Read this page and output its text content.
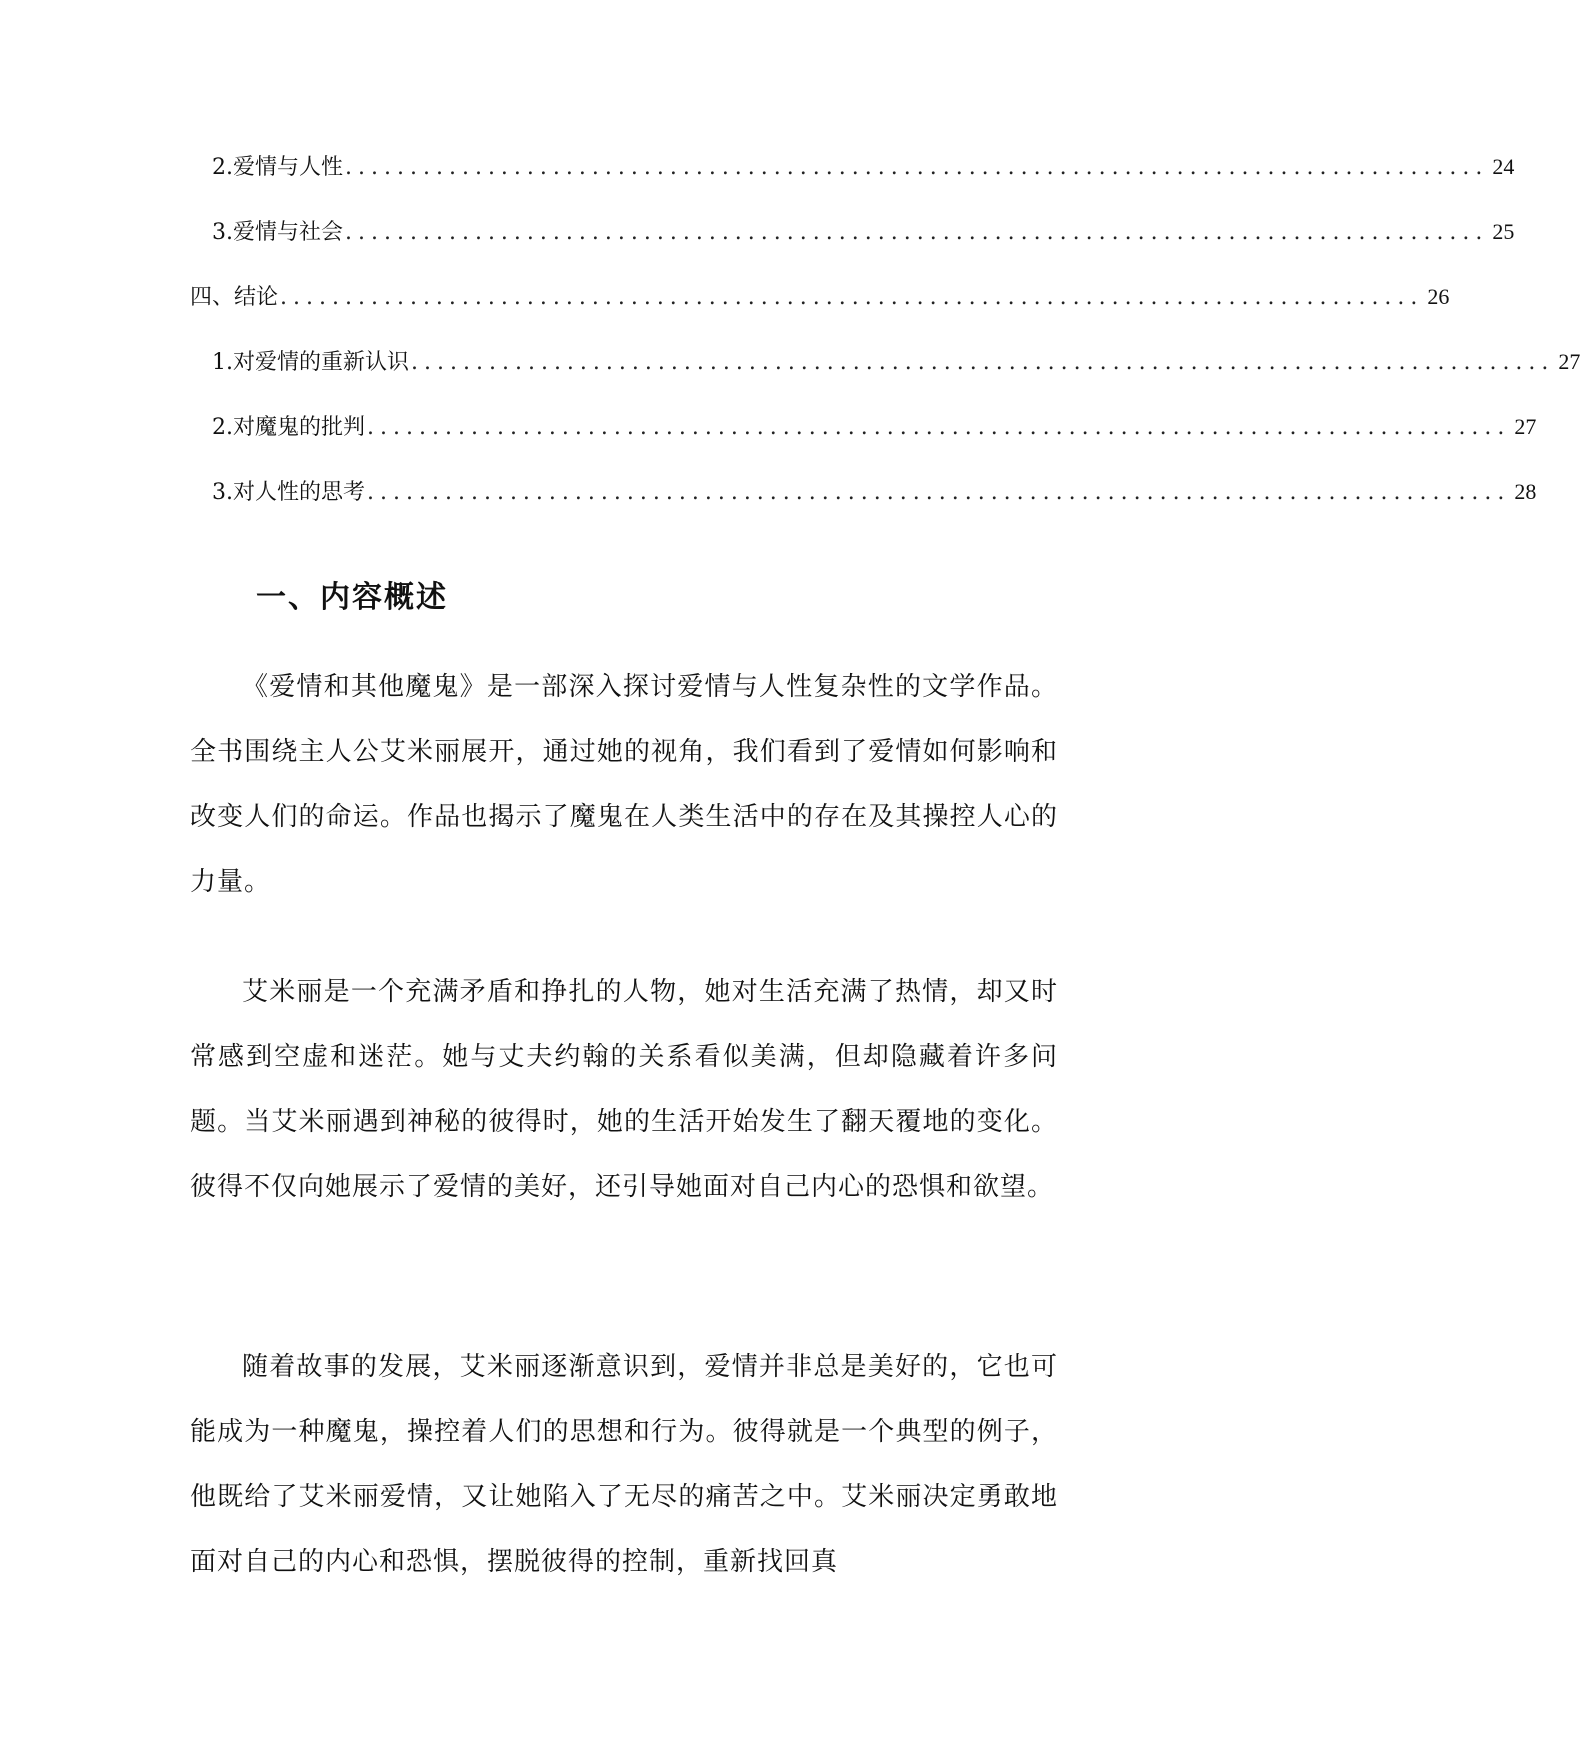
2. 爱情与人性 ........................................................................................ 24
3. 爱情与社会 ........................................................................................ 25
四、结论 ........................................................................................ 26
1. 对爱情的重新认识 ........................................................................................ 27
2. 对魔鬼的批判 ........................................................................................ 27
3. 对人性的思考 ........................................................................................ 28
一、内容概述

《爱情和其他魔鬼》是一部深入探讨爱情与人性复杂性的文学作品。全书围绕主人公艾米丽展开，通过她的视角，我们看到了爱情如何影响和改变人们的命运。作品也揭示了魔鬼在人类生活中的存在及其操控人心的力量。

艾米丽是一个充满矛盾和挣扎的人物，她对生活充满了热情，却又时常感到空虚和迷茫。她与丈夫约翰的关系看似美满，但却隐藏着许多问题。当艾米丽遇到神秘的彼得时，她的生活开始发生了翻天覆地的变化。彼得不仅向她展示了爱情的美好，还引导她面对自己内心的恐惧和欲望。

随着故事的发展，艾米丽逐渐意识到，爱情并非总是美好的，它也可能成为一种魔鬼，操控着人们的思想和行为。彼得就是一个典型的例子，他既给了艾米丽爱情，又让她陷入了无尽的痛苦之中。艾米丽决定勇敢地面对自己的内心和恐惧，摆脱彼得的控制，重新找回真
